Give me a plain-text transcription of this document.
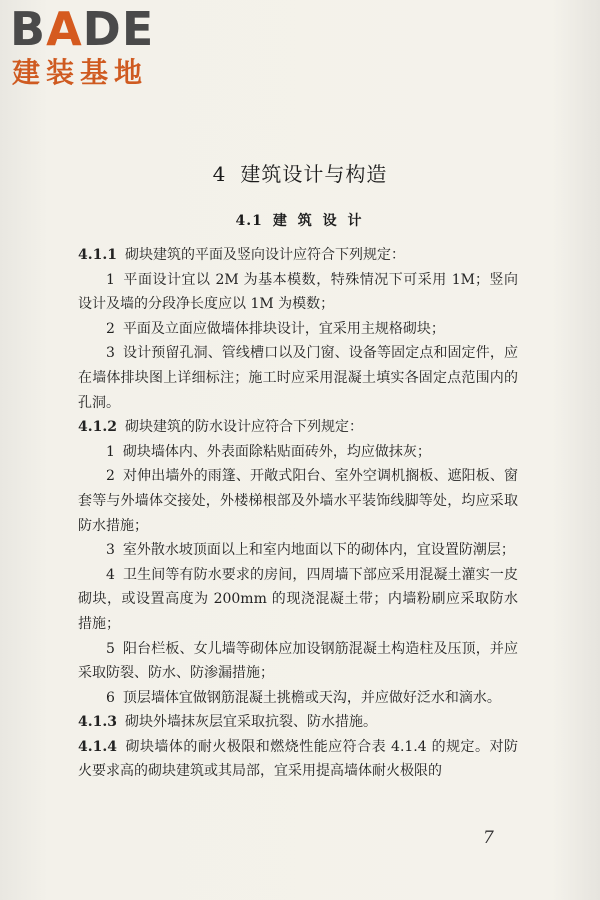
BADE
建装基地
4 建筑设计与构造
4.1 建 筑 设 计

4.1.1 砌块建筑的平面及竖向设计应符合下列规定：

1 平面设计宜以 2M 为基本模数，特殊情况下可采用 1M；竖向设计及墙的分段净长度应以 1M 为模数；

2 平面及立面应做墙体排块设计，宜采用主规格砌块；

3 设计预留孔洞、管线槽口以及门窗、设备等固定点和固定件，应在墙体排块图上详细标注；施工时应采用混凝土填实各固定点范围内的孔洞。

4.1.2 砌块建筑的防水设计应符合下列规定：

1 砌块墙体内、外表面除粘贴面砖外，均应做抹灰；

2 对伸出墙外的雨篷、开敞式阳台、室外空调机搁板、遮阳板、窗套等与外墙体交接处，外楼梯根部及外墙水平装饰线脚等处，均应采取防水措施；

3 室外散水坡顶面以上和室内地面以下的砌体内，宜设置防潮层；

4 卫生间等有防水要求的房间，四周墙下部应采用混凝土灌实一皮砌块，或设置高度为 200mm 的现浇混凝土带；内墙粉刷应采取防水措施；

5 阳台栏板、女儿墙等砌体应加设钢筋混凝土构造柱及压顶，并应采取防裂、防水、防渗漏措施；

6 顶层墙体宜做钢筋混凝土挑檐或天沟，并应做好泛水和滴水。

4.1.3 砌块外墙抹灰层宜采取抗裂、防水措施。

4.1.4 砌块墙体的耐火极限和燃烧性能应符合表 4.1.4 的规定。对防火要求高的砌块建筑或其局部，宜采用提高墙体耐火极限的

7
